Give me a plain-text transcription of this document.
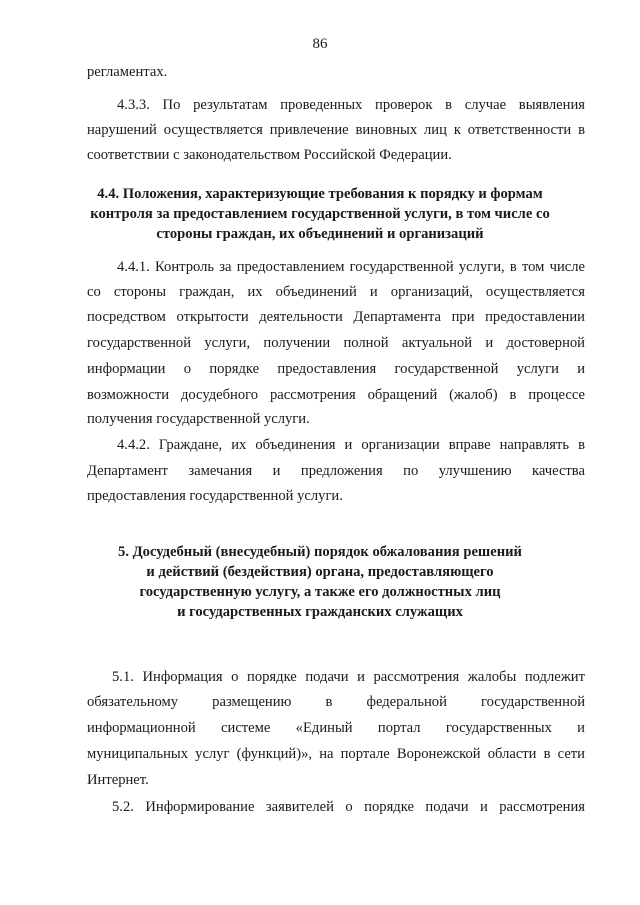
86
регламентах.
4.3.3. По результатам проведенных проверок в случае выявления
нарушений осуществляется привлечение виновных лиц к ответственности в
соответствии с законодательством Российской Федерации.
4.4. Положения, характеризующие требования к порядку и формам
контроля за предоставлением государственной услуги, в том числе со
стороны граждан, их объединений и организаций
4.4.1. Контроль за предоставлением государственной услуги, в том числе
со стороны граждан, их объединений и организаций, осуществляется
посредством открытости деятельности Департамента при предоставлении
государственной услуги, получении полной актуальной и достоверной
информации о порядке предоставления государственной услуги и
возможности досудебного рассмотрения обращений (жалоб) в процессе
получения государственной услуги.
4.4.2. Граждане, их объединения и организации вправе направлять в
Департамент замечания и предложения по улучшению качества
предоставления государственной услуги.
5. Досудебный (внесудебный) порядок обжалования решений
и действий (бездействия) органа, предоставляющего
государственную услугу, а также его должностных лиц
и государственных гражданских служащих
5.1. Информация о порядке подачи и рассмотрения жалобы подлежит
обязательному размещению в федеральной государственной
информационной системе «Единый портал государственных и
муниципальных услуг (функций)», на портале Воронежской области в сети
Интернет.
5.2. Информирование заявителей о порядке подачи и рассмотрения
